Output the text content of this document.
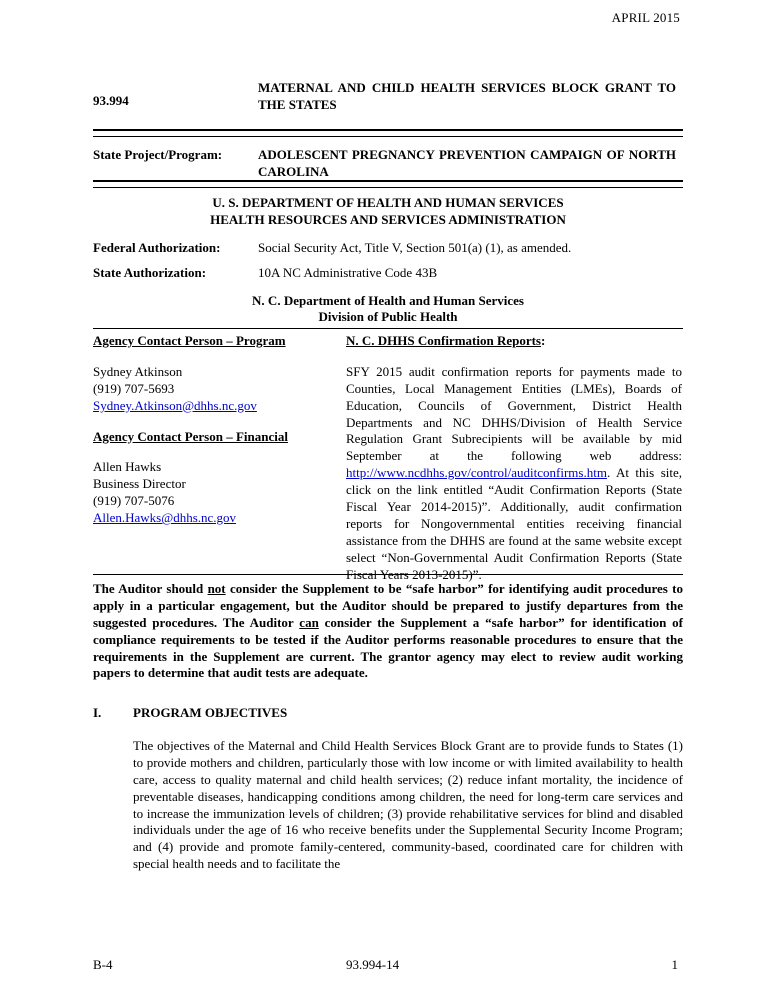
APRIL 2015
93.994
MATERNAL AND CHILD HEALTH SERVICES BLOCK GRANT TO THE STATES
State Project/Program:	ADOLESCENT PREGNANCY PREVENTION CAMPAIGN OF NORTH CAROLINA
U. S. DEPARTMENT OF HEALTH AND HUMAN SERVICES
HEALTH RESOURCES AND SERVICES ADMINISTRATION
Federal Authorization:	Social Security Act, Title V, Section 501(a) (1), as amended.
State Authorization:	10A NC Administrative Code 43B
N. C. Department of Health and Human Services
Division of Public Health
Agency Contact Person – Program
Sydney Atkinson
(919) 707-5693
Sydney.Atkinson@dhhs.nc.gov
Agency Contact Person – Financial
Allen Hawks
Business Director
(919) 707-5076
Allen.Hawks@dhhs.nc.gov
N. C. DHHS Confirmation Reports:
SFY 2015 audit confirmation reports for payments made to Counties, Local Management Entities (LMEs), Boards of Education, Councils of Government, District Health Departments and NC DHHS/Division of Health Service Regulation Grant Subrecipients will be available by mid September at the following web address: http://www.ncdhhs.gov/control/auditconfirms.htm. At this site, click on the link entitled “Audit Confirmation Reports (State Fiscal Year 2014-2015)”. Additionally, audit confirmation reports for Nongovernmental entities receiving financial assistance from the DHHS are found at the same website except select “Non-Governmental Audit Confirmation Reports (State Fiscal Years 2013-2015)”.
The Auditor should not consider the Supplement to be “safe harbor” for identifying audit procedures to apply in a particular engagement, but the Auditor should be prepared to justify departures from the suggested procedures. The Auditor can consider the Supplement a “safe harbor” for identification of compliance requirements to be tested if the Auditor performs reasonable procedures to ensure that the requirements in the Supplement are current. The grantor agency may elect to review audit working papers to determine that audit tests are adequate.
I. PROGRAM OBJECTIVES
The objectives of the Maternal and Child Health Services Block Grant are to provide funds to States (1) to provide mothers and children, particularly those with low income or with limited availability to health care, access to quality maternal and child health services; (2) reduce infant mortality, the incidence of preventable diseases, handicapping conditions among children, the need for long-term care services and to increase the immunization levels of children; (3) provide rehabilitative services for blind and disabled individuals under the age of 16 who receive benefits under the Supplemental Security Income Program; and (4) provide and promote family-centered, community-based, coordinated care for children with special health needs and to facilitate the
B-4	93.994-14	1
